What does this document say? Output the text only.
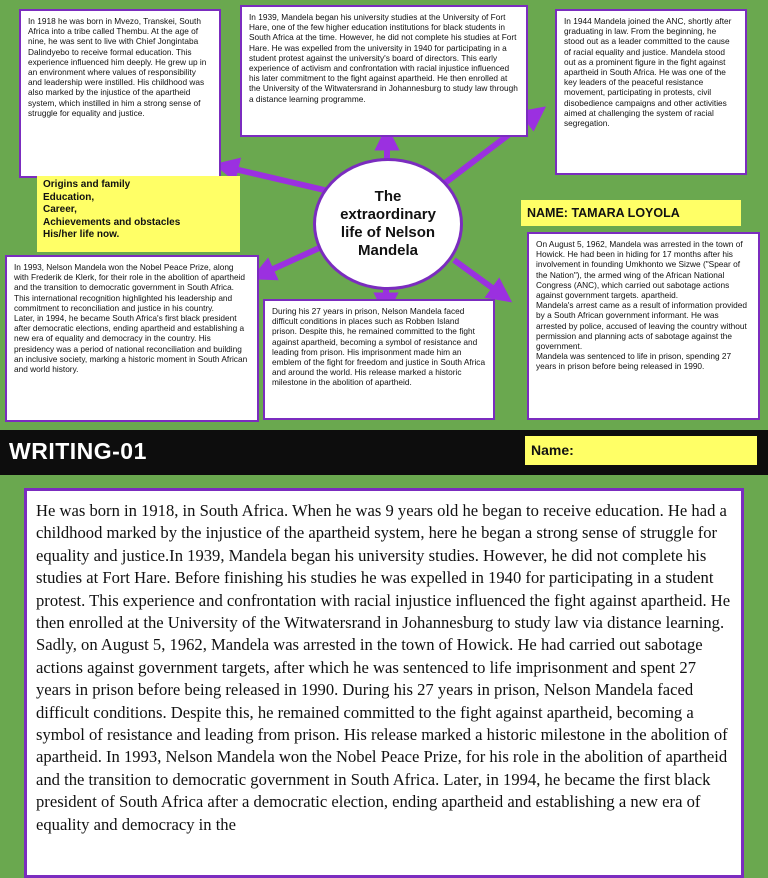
In 1918 he was born in Mvezo, Transkei, South Africa into a tribe called Thembu. At the age of nine, he was sent to live with Chief Jongintaba Dalindyebo to receive formal education. This experience influenced him deeply. He grew up in an environment where values of responsibility and leadership were instilled. His childhood was also marked by the injustice of the apartheid system, which instilled in him a strong sense of struggle for equality and justice.

In 1939, Mandela began his university studies at the University of Fort Hare, one of the few higher education institutions for black students in South Africa at the time. However, he did not complete his studies at Fort Hare. He was expelled from the university in 1940 for participating in a student protest against the university's board of directors. This early experience of activism and confrontation with racial injustice influenced his later commitment to the fight against apartheid. He then enrolled at the University of the Witwatersrand in Johannesburg to study law through a distance learning programme.

In 1944 Mandela joined the ANC, shortly after graduating in law. From the beginning, he stood out as a leader committed to the cause of racial equality and justice. Mandela stood out as a prominent figure in the fight against apartheid in South Africa. He was one of the key leaders of the peaceful resistance movement, participating in protests, civil disobedience campaigns and other activities aimed at challenging the system of racial segregation.

Origins and family
Education,
Career,
Achievements and obstacles
His/her life now.
The extraordinary life of Nelson Mandela
NAME: TAMARA LOYOLA

In 1993, Nelson Mandela won the Nobel Peace Prize, along with Frederik de Klerk, for their role in the abolition of apartheid and the transition to democratic government in South Africa. This international recognition highlighted his leadership and commitment to reconciliation and justice in his country.

Later, in 1994, he became South Africa's first black president after democratic elections, ending apartheid and establishing a new era of equality and democracy in the country. His presidency was a period of national reconciliation and building an inclusive society, marking a historic moment in South African and world history.

During his 27 years in prison, Nelson Mandela faced difficult conditions in places such as Robben Island prison. Despite this, he remained committed to the fight against apartheid, becoming a symbol of resistance and leading from prison. His imprisonment made him an emblem of the fight for freedom and justice in South Africa and around the world. His release marked a historic milestone in the abolition of apartheid.

On August 5, 1962, Mandela was arrested in the town of Howick. He had been in hiding for 17 months after his involvement in founding Umkhonto we Sizwe ("Spear of the Nation"), the armed wing of the African National Congress (ANC), which carried out sabotage actions against government targets. apartheid.

Mandela's arrest came as a result of information provided by a South African government informant. He was arrested by police, accused of leaving the country without permission and planning acts of sabotage against the government.

Mandela was sentenced to life in prison, spending 27 years in prison before being released in 1990.

WRITING-01	Name:
He was born in 1918, in South Africa. When he was 9 years old he began to receive education. He had a childhood marked by the injustice of the apartheid system, here he began a strong sense of struggle for equality and justice.In 1939, Mandela began his university studies. However, he did not complete his studies at Fort Hare. Before finishing his studies he was expelled in 1940 for participating in a student protest. This experience and confrontation with racial injustice influenced the fight against apartheid. He then enrolled at the University of the Witwatersrand in Johannesburg to study law via distance learning. Sadly, on August 5, 1962, Mandela was arrested in the town of Howick. He had carried out sabotage actions against government targets, after which he was sentenced to life imprisonment and spent 27 years in prison before being released in 1990. During his 27 years in prison, Nelson Mandela faced difficult conditions. Despite this, he remained committed to the fight against apartheid, becoming a symbol of resistance and leading from prison. His release marked a historic milestone in the abolition of apartheid. In 1993, Nelson Mandela won the Nobel Peace Prize, for his role in the abolition of apartheid and the transition to democratic government in South Africa. Later, in 1994, he became the first black president of South Africa after a democratic election, ending apartheid and establishing a new era of equality and democracy in the
